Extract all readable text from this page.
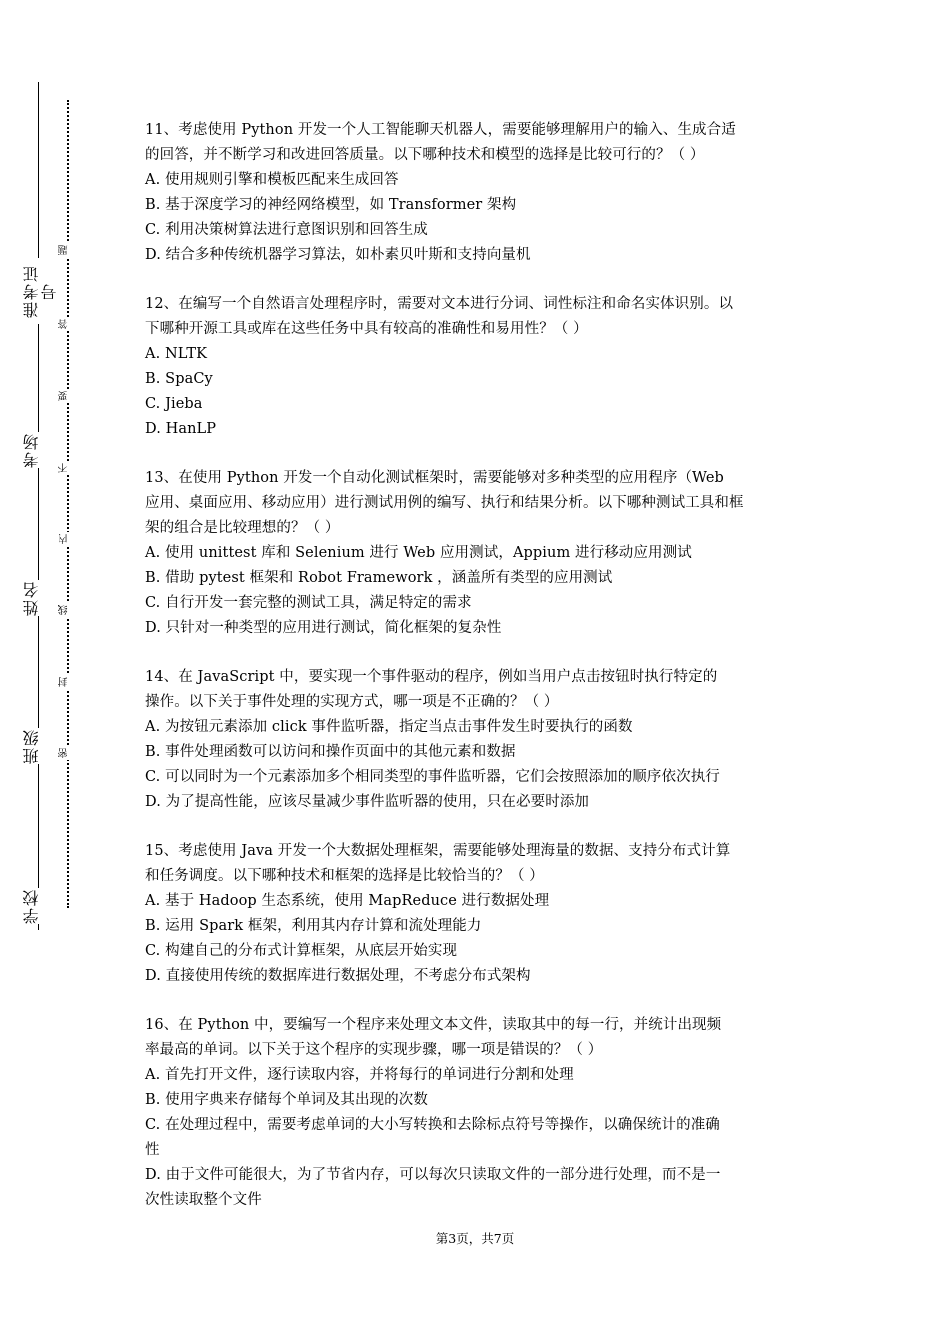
准考证号
考场
姓名
班级
学校
题
答
要
不
内
线
封
密
11、考虑使用 Python 开发一个人工智能聊天机器人，需要能够理解用户的输入、生成合适
的回答，并不断学习和改进回答质量。以下哪种技术和模型的选择是比较可行的？（ ）
A. 使用规则引擎和模板匹配来生成回答
B. 基于深度学习的神经网络模型，如 Transformer 架构
C. 利用决策树算法进行意图识别和回答生成
D. 结合多种传统机器学习算法，如朴素贝叶斯和支持向量机
12、在编写一个自然语言处理程序时，需要对文本进行分词、词性标注和命名实体识别。以
下哪种开源工具或库在这些任务中具有较高的准确性和易用性？（ ）
A. NLTK
B. SpaCy
C. Jieba
D. HanLP
13、在使用 Python 开发一个自动化测试框架时，需要能够对多种类型的应用程序（Web
应用、桌面应用、移动应用）进行测试用例的编写、执行和结果分析。以下哪种测试工具和框
架的组合是比较理想的？（ ）
A. 使用 unittest 库和 Selenium 进行 Web 应用测试，Appium 进行移动应用测试
B. 借助 pytest 框架和 Robot Framework ，涵盖所有类型的应用测试
C. 自行开发一套完整的测试工具，满足特定的需求
D. 只针对一种类型的应用进行测试，简化框架的复杂性
14、在 JavaScript 中，要实现一个事件驱动的程序，例如当用户点击按钮时执行特定的
操作。以下关于事件处理的实现方式，哪一项是不正确的？（ ）
A. 为按钮元素添加 click 事件监听器，指定当点击事件发生时要执行的函数
B. 事件处理函数可以访问和操作页面中的其他元素和数据
C. 可以同时为一个元素添加多个相同类型的事件监听器，它们会按照添加的顺序依次执行
D. 为了提高性能，应该尽量减少事件监听器的使用，只在必要时添加
15、考虑使用 Java 开发一个大数据处理框架，需要能够处理海量的数据、支持分布式计算
和任务调度。以下哪种技术和框架的选择是比较恰当的？（ ）
A. 基于 Hadoop 生态系统，使用 MapReduce 进行数据处理
B. 运用 Spark 框架，利用其内存计算和流处理能力
C. 构建自己的分布式计算框架，从底层开始实现
D. 直接使用传统的数据库进行数据处理，不考虑分布式架构
16、在 Python 中，要编写一个程序来处理文本文件，读取其中的每一行，并统计出现频
率最高的单词。以下关于这个程序的实现步骤，哪一项是错误的？（ ）
A. 首先打开文件，逐行读取内容，并将每行的单词进行分割和处理
B. 使用字典来存储每个单词及其出现的次数
C. 在处理过程中，需要考虑单词的大小写转换和去除标点符号等操作，以确保统计的准确
性
D. 由于文件可能很大，为了节省内存，可以每次只读取文件的一部分进行处理，而不是一
次性读取整个文件
第3页，共7页
